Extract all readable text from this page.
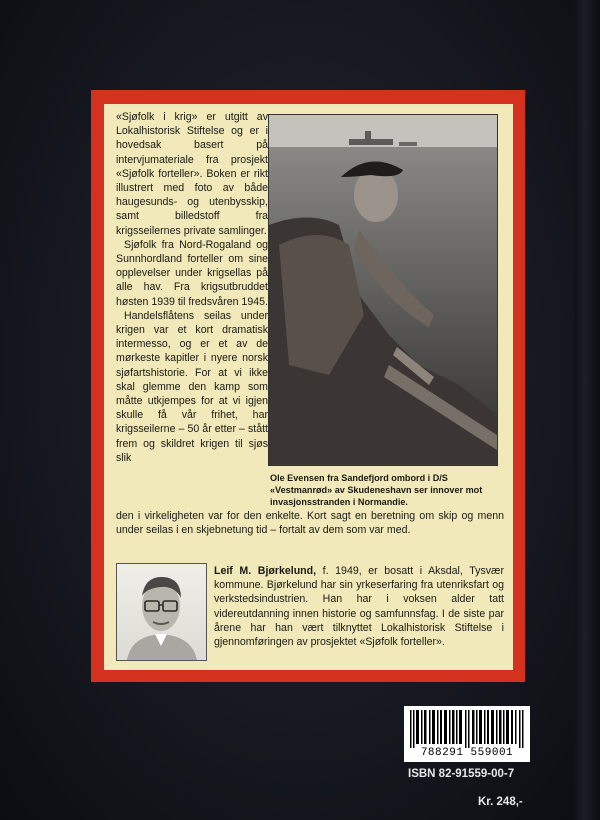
«Sjøfolk i krig» er utgitt av Lokalhistorisk Stiftelse og er i hovedsak basert på intervjumateriale fra prosjekt «Sjøfolk forteller». Boken er rikt illustrert med foto av både haugesunds- og utenbysskip, samt billedstoff fra krigsseilernes private samlinger.

Sjøfolk fra Nord-Rogaland og Sunnhordland forteller om sine opplevelser under krigsellas på alle hav. Fra krigsutbruddet høsten 1939 til fredsvåren 1945.

Handelsflåtens seilas under krigen var et kort dramatisk intermesso, og er et av de mørkeste kapitler i nyere norsk sjøfartshistorie. For at vi ikke skal glemme den kamp som måtte utkjempes for at vi igjen skulle få vår frihet, har krigsseilerne – 50 år etter – stått frem og skildret krigen til sjøs slik

Ole Evensen fra Sandefjord ombord i D/S «Vestmanrød» av Skudeneshavn ser innover mot invasjonsstranden i Normandie.
den i virkeligheten var for den enkelte. Kort sagt en beretning om skip og menn under seilas i en skjebnetung tid – fortalt av dem som var med.
Leif M. Bjørkelund, f. 1949, er bosatt i Aksdal, Tysvær kommune. Bjørkelund har sin yrkeserfaring fra utenriksfart og verkstedsindustrien. Han har i voksen alder tatt videreutdanning innen historie og samfunnsfag. I de siste par årene har han vært tilknyttet Lokalhistorisk Stiftelse i gjennomføringen av prosjektet «Sjøfolk forteller».
788291 559001
ISBN 82-91559-00-7
Kr. 248,-
